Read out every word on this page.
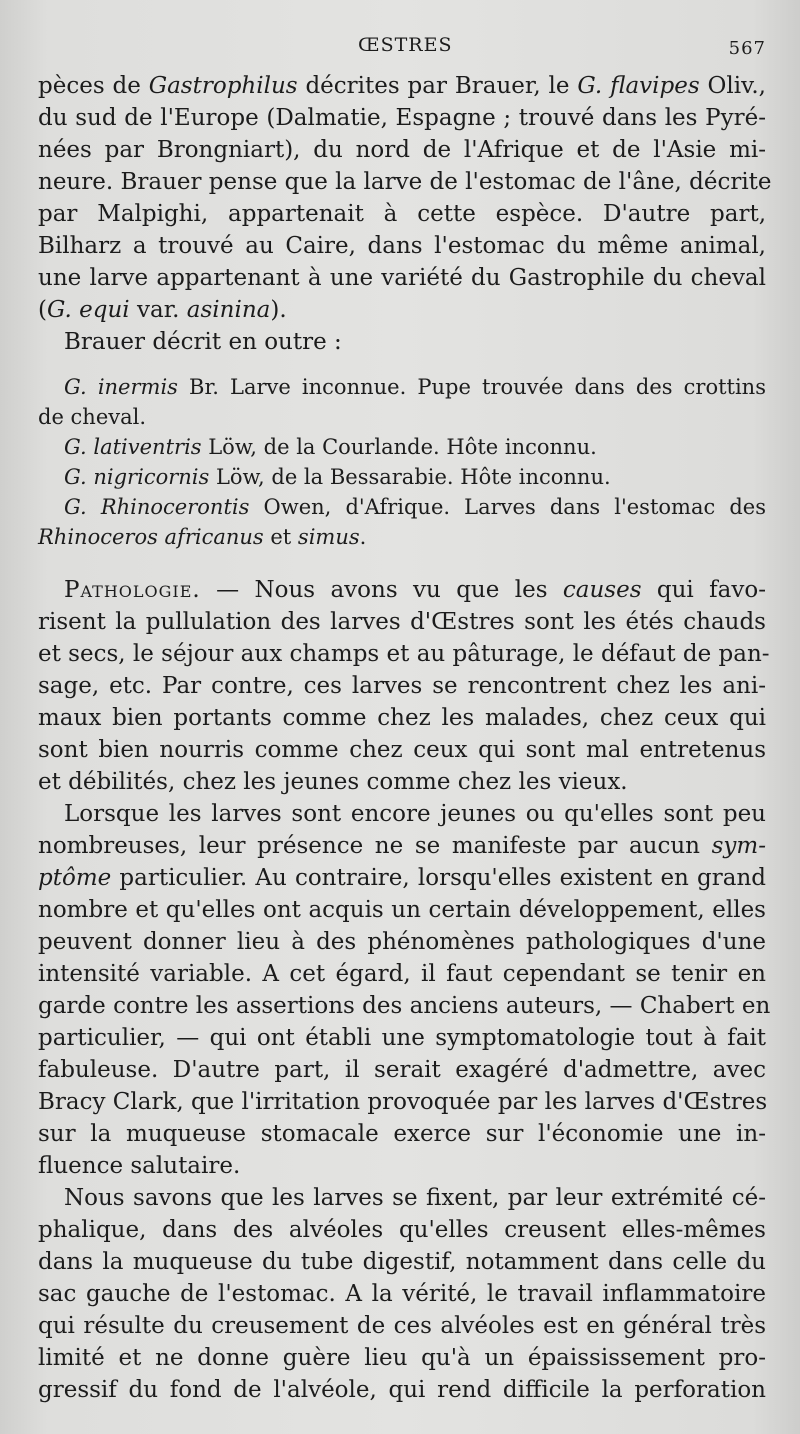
ŒSTRES	567

pèces de Gastrophilus décrites par Brauer, le G. flavipes Oliv.,
du sud de l'Europe (Dalmatie, Espagne ; trouvé dans les Pyré-
nées par Brongniart), du nord de l'Afrique et de l'Asie mi-
neure. Brauer pense que la larve de l'estomac de l'âne, décrite
par Malpighi, appartenait à cette espèce. D'autre part,
Bilharz a trouvé au Caire, dans l'estomac du même animal,
une larve appartenant à une variété du Gastrophile du cheval
(G. equi var. asinina).

Brauer décrit en outre :

G. inermis Br. Larve inconnue. Pupe trouvée dans des crottins
de cheval.

G. lativentris Löw, de la Courlande. Hôte inconnu.

G. nigricornis Löw, de la Bessarabie. Hôte inconnu.

G. Rhinocerontis Owen, d'Afrique. Larves dans l'estomac des
Rhinoceros africanus et simus.

Pathologie. — Nous avons vu que les causes qui favo-
risent la pullulation des larves d'Œstres sont les étés chauds
et secs, le séjour aux champs et au pâturage, le défaut de pan-
sage, etc. Par contre, ces larves se rencontrent chez les ani-
maux bien portants comme chez les malades, chez ceux qui
sont bien nourris comme chez ceux qui sont mal entretenus
et débilités, chez les jeunes comme chez les vieux.

Lorsque les larves sont encore jeunes ou qu'elles sont peu
nombreuses, leur présence ne se manifeste par aucun sym-
ptôme particulier. Au contraire, lorsqu'elles existent en grand
nombre et qu'elles ont acquis un certain développement, elles
peuvent donner lieu à des phénomènes pathologiques d'une
intensité variable. A cet égard, il faut cependant se tenir en
garde contre les assertions des anciens auteurs, — Chabert en
particulier, — qui ont établi une symptomatologie tout à fait
fabuleuse. D'autre part, il serait exagéré d'admettre, avec
Bracy Clark, que l'irritation provoquée par les larves d'Œstres
sur la muqueuse stomacale exerce sur l'économie une in-
fluence salutaire.

Nous savons que les larves se fixent, par leur extrémité cé-
phalique, dans des alvéoles qu'elles creusent elles-mêmes
dans la muqueuse du tube digestif, notamment dans celle du
sac gauche de l'estomac. A la vérité, le travail inflammatoire
qui résulte du creusement de ces alvéoles est en général très
limité et ne donne guère lieu qu'à un épaississement pro-
gressif du fond de l'alvéole, qui rend difficile la perforation
